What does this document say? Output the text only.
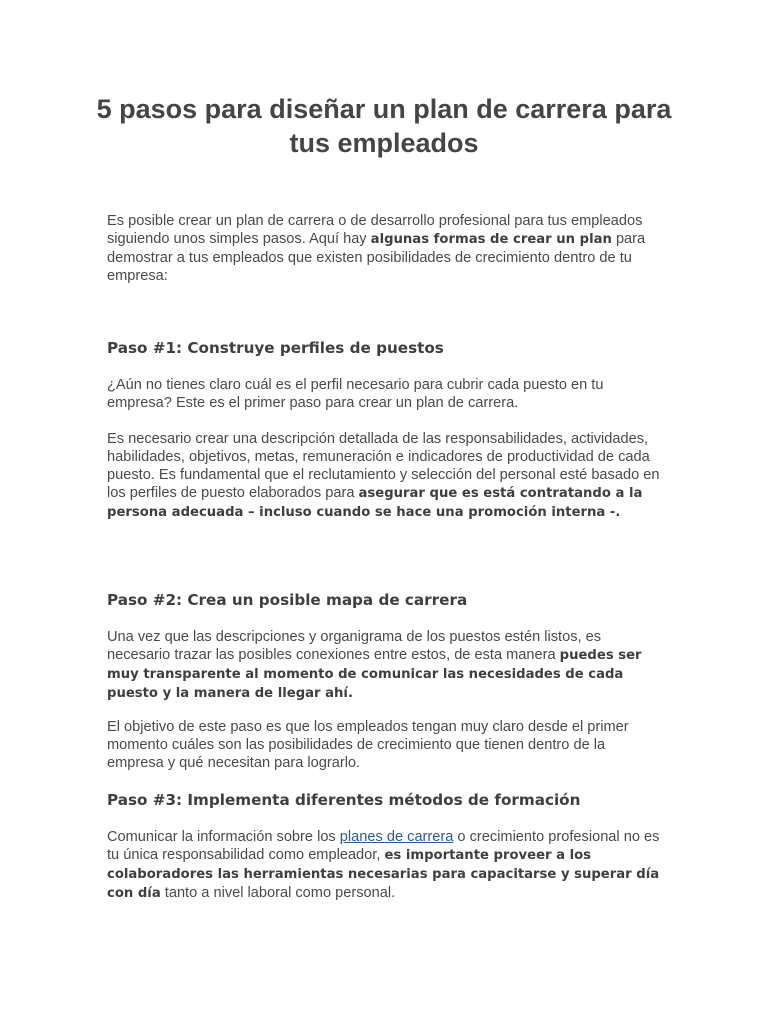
5 pasos para diseñar un plan de carrera para tus empleados

Es posible crear un plan de carrera o de desarrollo profesional para tus empleados siguiendo unos simples pasos. Aquí hay algunas formas de crear un plan para demostrar a tus empleados que existen posibilidades de crecimiento dentro de tu empresa:

Paso #1: Construye perfiles de puestos

¿Aún no tienes claro cuál es el perfil necesario para cubrir cada puesto en tu empresa? Este es el primer paso para crear un plan de carrera.

Es necesario crear una descripción detallada de las responsabilidades, actividades, habilidades, objetivos, metas, remuneración e indicadores de productividad de cada puesto. Es fundamental que el reclutamiento y selección del personal esté basado en los perfiles de puesto elaborados para asegurar que es está contratando a la persona adecuada – incluso cuando se hace una promoción interna -.

Paso #2: Crea un posible mapa de carrera

Una vez que las descripciones y organigrama de los puestos estén listos, es necesario trazar las posibles conexiones entre estos, de esta manera puedes ser muy transparente al momento de comunicar las necesidades de cada puesto y la manera de llegar ahí.

El objetivo de este paso es que los empleados tengan muy claro desde el primer momento cuáles son las posibilidades de crecimiento que tienen dentro de la empresa y qué necesitan para lograrlo.

Paso #3: Implementa diferentes métodos de formación

Comunicar la información sobre los planes de carrera o crecimiento profesional no es tu única responsabilidad como empleador, es importante proveer a los colaboradores las herramientas necesarias para capacitarse y superar día con día tanto a nivel laboral como personal.
